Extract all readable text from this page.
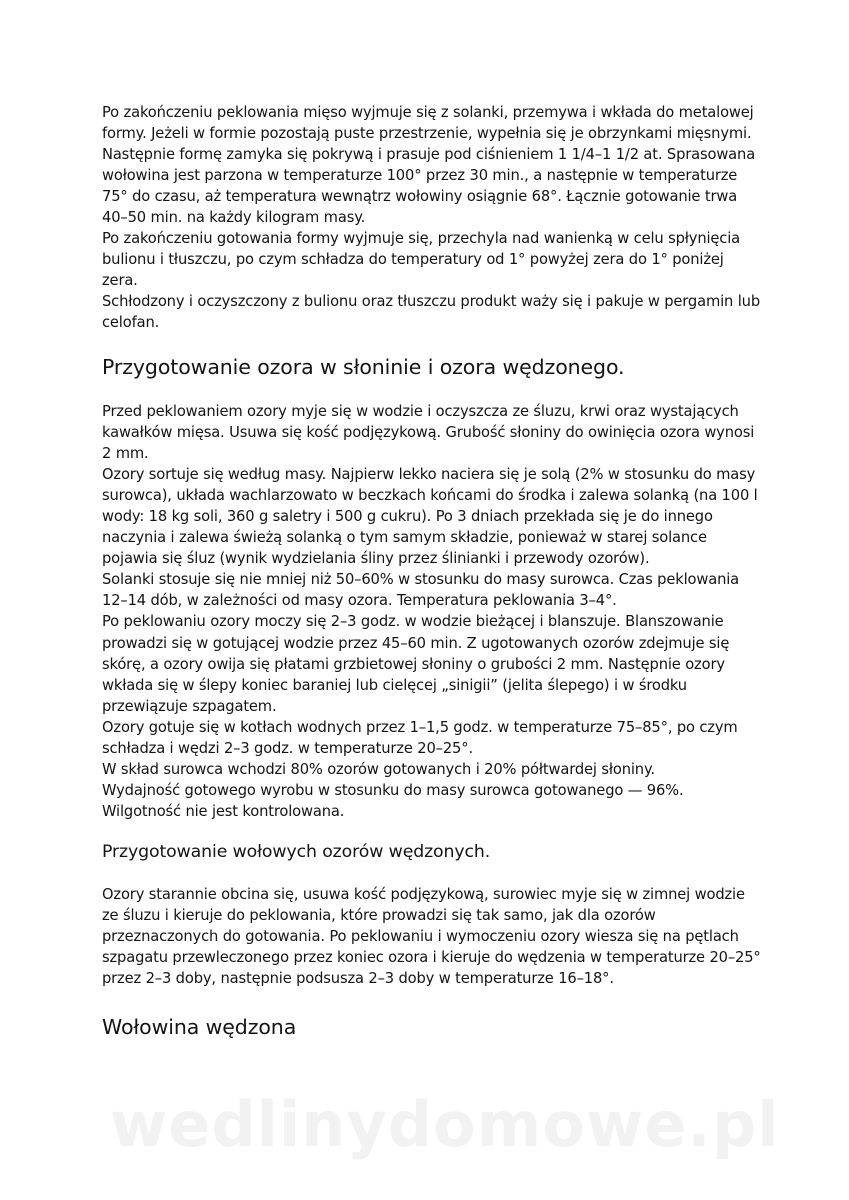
Po zakończeniu peklowania mięso wyjmuje się z solanki, przemywa i wkłada do metalowej formy. Jeżeli w formie pozostają puste przestrzenie, wypełnia się je obrzynkami mięsnymi. Następnie formę zamyka się pokrywą i prasuje pod ciśnieniem 1 1/4–1 1/2 at. Sprasowana wołowina jest parzona w temperaturze 100° przez 30 min., a następnie w temperaturze 75° do czasu, aż temperatura wewnątrz wołowiny osiągnie 68°. Łącznie gotowanie trwa 40–50 min. na każdy kilogram masy.

Po zakończeniu gotowania formy wyjmuje się, przechyla nad wanienką w celu spłynięcia bulionu i tłuszczu, po czym schładza do temperatury od 1° powyżej zera do 1° poniżej zera.

Schłodzony i oczyszczony z bulionu oraz tłuszczu produkt waży się i pakuje w pergamin lub celofan.

Przygotowanie ozora w słoninie i ozora wędzonego.

Przed peklowaniem ozory myje się w wodzie i oczyszcza ze śluzu, krwi oraz wystających kawałków mięsa. Usuwa się kość podjęzykową. Grubość słoniny do owinięcia ozora wynosi 2 mm.

Ozory sortuje się według masy. Najpierw lekko naciera się je solą (2% w stosunku do masy surowca), układa wachlarzowato w beczkach końcami do środka i zalewa solanką (na 100 l wody: 18 kg soli, 360 g saletry i 500 g cukru). Po 3 dniach przekłada się je do innego naczynia i zalewa świeżą solanką o tym samym składzie, ponieważ w starej solance pojawia się śluz (wynik wydzielania śliny przez ślinianki i przewody ozorów).

Solanki stosuje się nie mniej niż 50–60% w stosunku do masy surowca. Czas peklowania 12–14 dób, w zależności od masy ozora. Temperatura peklowania 3–4°.

Po peklowaniu ozory moczy się 2–3 godz. w wodzie bieżącej i blanszuje. Blanszowanie prowadzi się w gotującej wodzie przez 45–60 min. Z ugotowanych ozorów zdejmuje się skórę, a ozory owija się płatami grzbietowej słoniny o grubości 2 mm. Następnie ozory wkłada się w ślepy koniec baraniej lub cielęcej „sinigii” (jelita ślepego) i w środku przewiązuje szpagatem.

Ozory gotuje się w kotłach wodnych przez 1–1,5 godz. w temperaturze 75–85°, po czym schładza i wędzi 2–3 godz. w temperaturze 20–25°.

W skład surowca wchodzi 80% ozorów gotowanych i 20% półtwardej słoniny.

Wydajność gotowego wyrobu w stosunku do masy surowca gotowanego — 96%.

Wilgotność nie jest kontrolowana.

Przygotowanie wołowych ozorów wędzonych.

Ozory starannie obcina się, usuwa kość podjęzykową, surowiec myje się w zimnej wodzie ze śluzu i kieruje do peklowania, które prowadzi się tak samo, jak dla ozorów przeznaczonych do gotowania. Po peklowaniu i wymoczeniu ozory wiesza się na pętlach szpagatu przewleczonego przez koniec ozora i kieruje do wędzenia w temperaturze 20–25° przez 2–3 doby, następnie podsusza 2–3 doby w temperaturze 16–18°.

Wołowina wędzona
wedlinydomowe.pl
